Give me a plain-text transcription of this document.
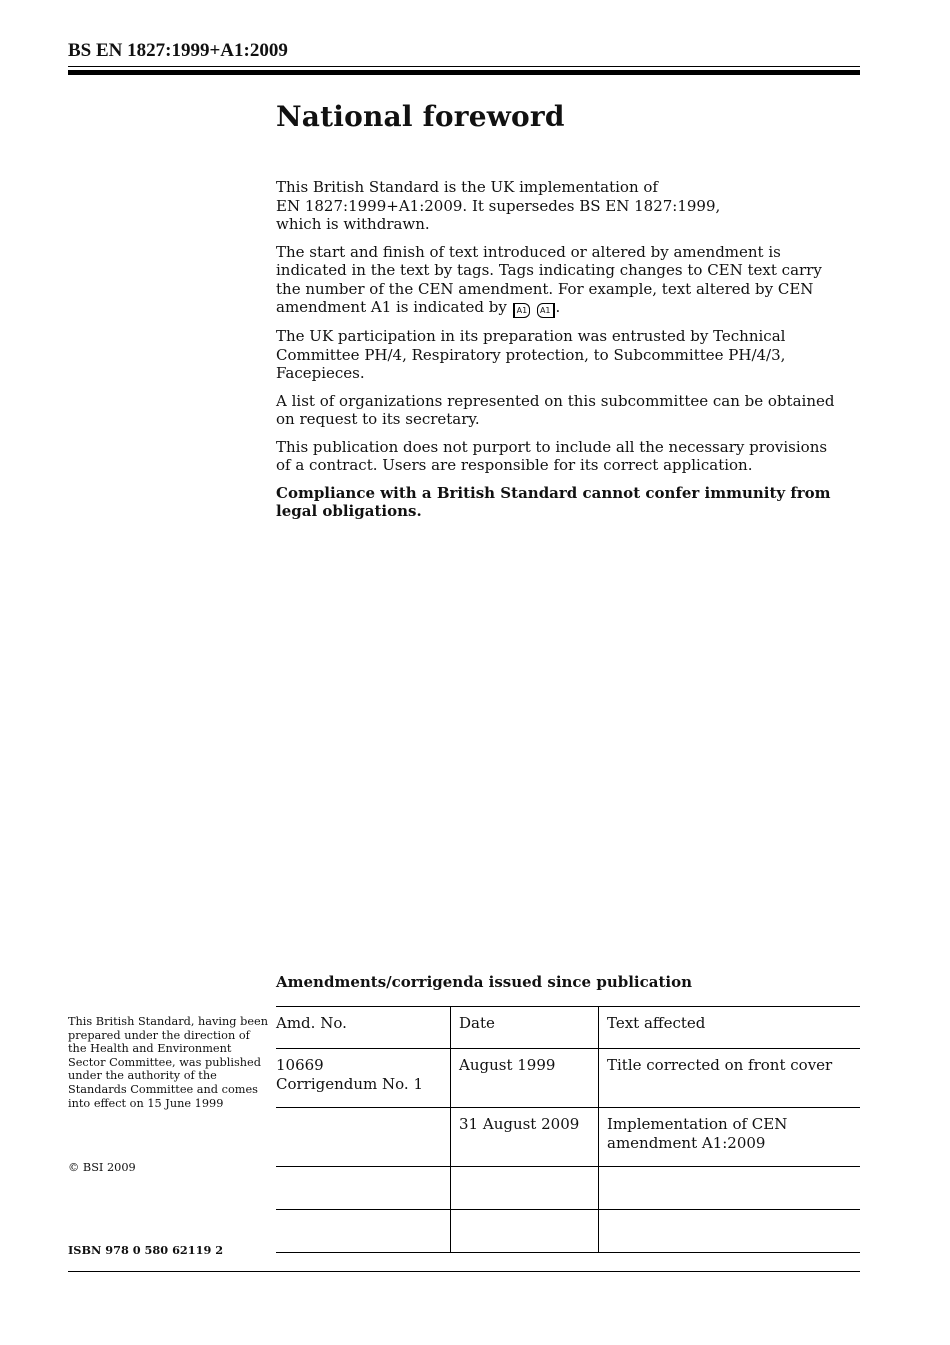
BS EN 1827:1999+A1:2009
National foreword

This British Standard is the UK implementation of
EN 1827:1999+A1:2009. It supersedes BS EN 1827:1999,
which is withdrawn.

The start and finish of text introduced or altered by amendment is indicated in the text by tags. Tags indicating changes to CEN text carry the number of the CEN amendment. For example, text altered by CEN amendment A1 is indicated by A1 A1 .

The UK participation in its preparation was entrusted by Technical Committee PH/4, Respiratory protection, to Subcommittee PH/4/3, Facepieces.

A list of organizations represented on this subcommittee can be obtained on request to its secretary.

This publication does not purport to include all the necessary provisions of a contract. Users are responsible for its correct application.

Compliance with a British Standard cannot confer immunity from legal obligations.

Amendments/corrigenda issued since publication
Amd. No.	Date	Text affected
10669
Corrigendum No. 1	August 1999	Title corrected on front cover
	31 August 2009	Implementation of CEN
amendment A1:2009

This British Standard, having been prepared under the direction of the Health and Environment Sector Committee, was published under the authority of the Standards Committee and comes into effect on 15 June 1999
© BSI 2009
ISBN 978 0 580 62119 2
